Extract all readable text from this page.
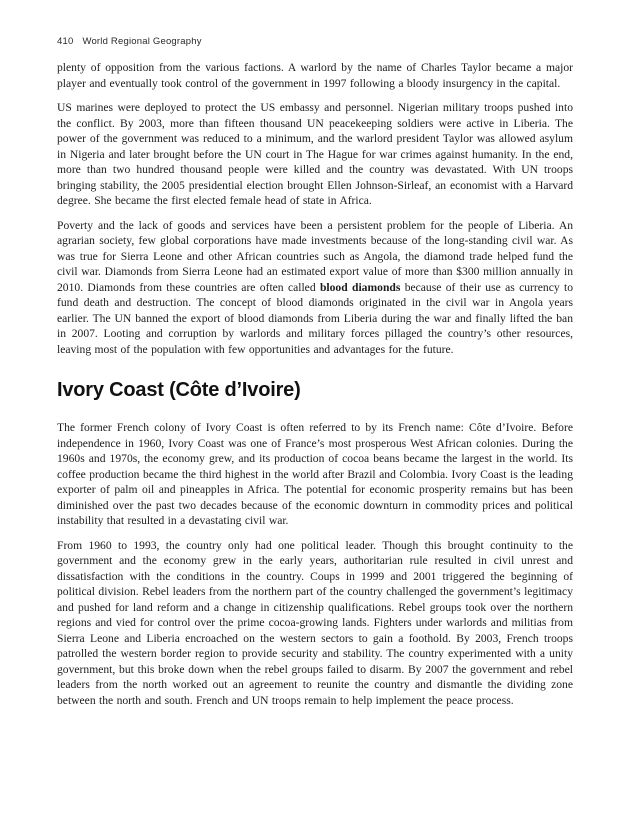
410 World Regional Geography

plenty of opposition from the various factions. A warlord by the name of Charles Taylor became a major player and eventually took control of the government in 1997 following a bloody insurgency in the capital.

US marines were deployed to protect the US embassy and personnel. Nigerian military troops pushed into the conflict. By 2003, more than fifteen thousand UN peacekeeping soldiers were active in Liberia. The power of the government was reduced to a minimum, and the warlord president Taylor was allowed asylum in Nigeria and later brought before the UN court in The Hague for war crimes against humanity. In the end, more than two hundred thousand people were killed and the country was devastated. With UN troops bringing stability, the 2005 presidential election brought Ellen Johnson-Sirleaf, an economist with a Harvard degree. She became the first elected female head of state in Africa.

Poverty and the lack of goods and services have been a persistent problem for the people of Liberia. An agrarian society, few global corporations have made investments because of the long-standing civil war. As was true for Sierra Leone and other African countries such as Angola, the diamond trade helped fund the civil war. Diamonds from Sierra Leone had an estimated export value of more than $300 million annually in 2010. Diamonds from these countries are often called blood diamonds because of their use as currency to fund death and destruction. The concept of blood diamonds originated in the civil war in Angola years earlier. The UN banned the export of blood diamonds from Liberia during the war and finally lifted the ban in 2007. Looting and corruption by warlords and military forces pillaged the country’s other resources, leaving most of the population with few opportunities and advantages for the future.

Ivory Coast (Côte d’Ivoire)

The former French colony of Ivory Coast is often referred to by its French name: Côte d’Ivoire. Before independence in 1960, Ivory Coast was one of France’s most prosperous West African colonies. During the 1960s and 1970s, the economy grew, and its production of cocoa beans became the largest in the world. Its coffee production became the third highest in the world after Brazil and Colombia. Ivory Coast is the leading exporter of palm oil and pineapples in Africa. The potential for economic prosperity remains but has been diminished over the past two decades because of the economic downturn in commodity prices and political instability that resulted in a devastating civil war.

From 1960 to 1993, the country only had one political leader. Though this brought continuity to the government and the economy grew in the early years, authoritarian rule resulted in civil unrest and dissatisfaction with the conditions in the country. Coups in 1999 and 2001 triggered the beginning of political division. Rebel leaders from the northern part of the country challenged the government’s legitimacy and pushed for land reform and a change in citizenship qualifications. Rebel groups took over the northern regions and vied for control over the prime cocoa-growing lands. Fighters under warlords and militias from Sierra Leone and Liberia encroached on the western sectors to gain a foothold. By 2003, French troops patrolled the western border region to provide security and stability. The country experimented with a unity government, but this broke down when the rebel groups failed to disarm. By 2007 the government and rebel leaders from the north worked out an agreement to reunite the country and dismantle the dividing zone between the north and south. French and UN troops remain to help implement the peace process.
